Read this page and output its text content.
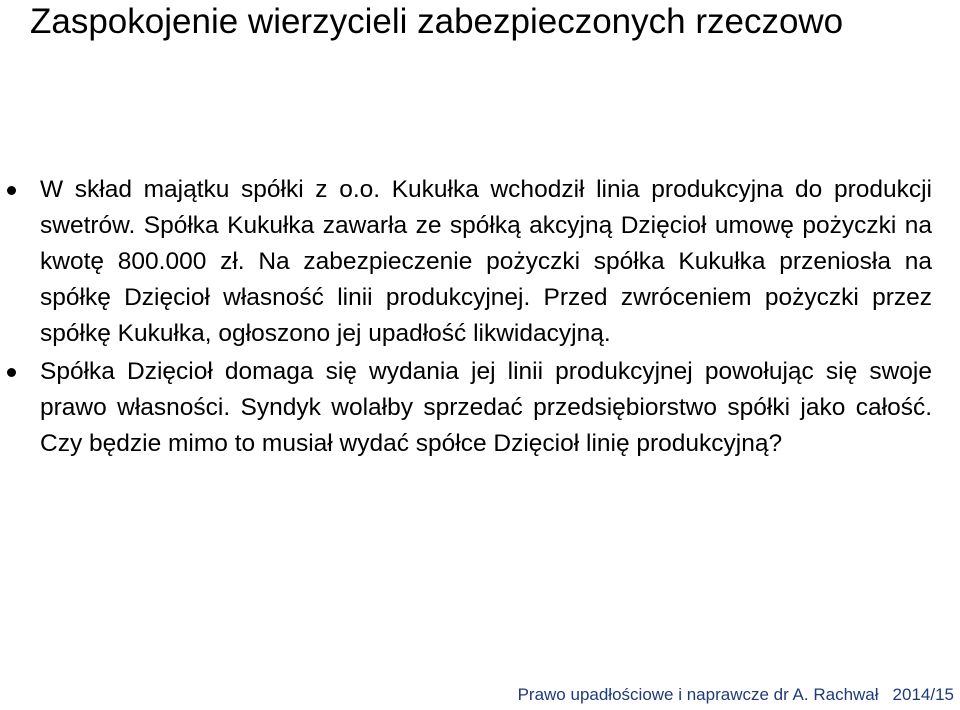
Zaspokojenie wierzycieli zabezpieczonych rzeczowo
W skład majątku spółki z o.o. Kukułka wchodził linia produkcyjna do produkcji swetrów. Spółka Kukułka zawarła ze spółką akcyjną Dzięcioł umowę pożyczki na kwotę 800.000 zł. Na zabezpieczenie pożyczki spółka Kukułka przeniosła na spółkę Dzięcioł własność linii produkcyjnej. Przed zwróceniem pożyczki przez spółkę Kukułka, ogłoszono jej upadłość likwidacyjną.
Spółka Dzięcioł domaga się wydania jej linii produkcyjnej powołując się swoje prawo własności. Syndyk wolałby sprzedać przedsiębiorstwo spółki jako całość. Czy będzie mimo to musiał wydać spółce Dzięcioł linię produkcyjną?
Prawo upadłościowe i naprawcze dr A. Rachwał 2014/15
